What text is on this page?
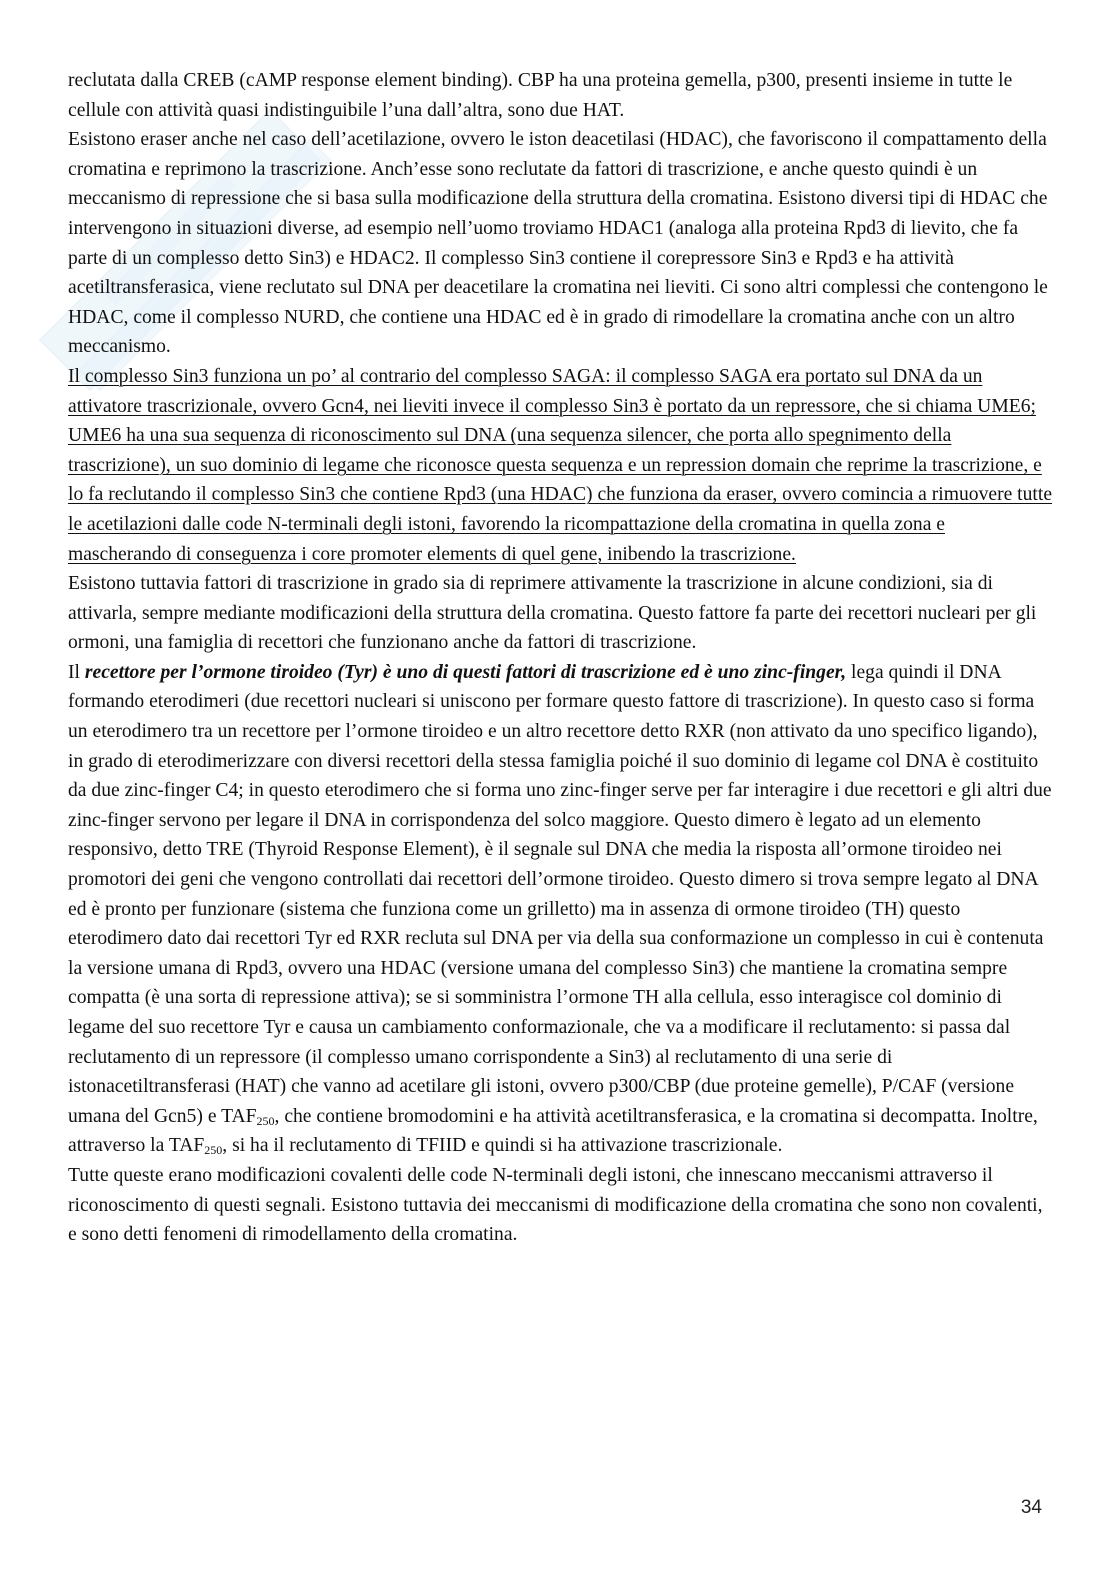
reclutata dalla CREB (cAMP response element binding). CBP ha una proteina gemella, p300, presenti insieme in tutte le cellule con attività quasi indistinguibile l’una dall’altra, sono due HAT.

Esistono eraser anche nel caso dell’acetilazione, ovvero le iston deacetilasi (HDAC), che favoriscono il compattamento della cromatina e reprimono la trascrizione. Anch’esse sono reclutate da fattori di trascrizione, e anche questo quindi è un meccanismo di repressione che si basa sulla modificazione della struttura della cromatina. Esistono diversi tipi di HDAC che intervengono in situazioni diverse, ad esempio nell’uomo troviamo HDAC1 (analoga alla proteina Rpd3 di lievito, che fa parte di un complesso detto Sin3) e HDAC2. Il complesso Sin3 contiene il corepressore Sin3 e Rpd3 e ha attività acetiltransferasica, viene reclutato sul DNA per deacetilare la cromatina nei lieviti. Ci sono altri complessi che contengono le HDAC, come il complesso NURD, che contiene una HDAC ed è in grado di rimodellare la cromatina anche con un altro meccanismo.

Il complesso Sin3 funziona un po’ al contrario del complesso SAGA: il complesso SAGA era portato sul DNA da un attivatore trascrizionale, ovvero Gcn4, nei lieviti invece il complesso Sin3 è portato da un repressore, che si chiama UME6; UME6 ha una sua sequenza di riconoscimento sul DNA (una sequenza silencer, che porta allo spegnimento della trascrizione), un suo dominio di legame che riconosce questa sequenza e un repression domain che reprime la trascrizione, e lo fa reclutando il complesso Sin3 che contiene Rpd3 (una HDAC) che funziona da eraser, ovvero comincia a rimuovere tutte le acetilazioni dalle code N-terminali degli istoni, favorendo la ricompattazione della cromatina in quella zona e mascherando di conseguenza i core promoter elements di quel gene, inibendo la trascrizione.

Esistono tuttavia fattori di trascrizione in grado sia di reprimere attivamente la trascrizione in alcune condizioni, sia di attivarla, sempre mediante modificazioni della struttura della cromatina. Questo fattore fa parte dei recettori nucleari per gli ormoni, una famiglia di recettori che funzionano anche da fattori di trascrizione.

Il recettore per l’ormone tiroideo (Tyr) è uno di questi fattori di trascrizione ed è uno zinc-finger, lega quindi il DNA formando eterodimeri (due recettori nucleari si uniscono per formare questo fattore di trascrizione). In questo caso si forma un eterodimero tra un recettore per l’ormone tiroideo e un altro recettore detto RXR (non attivato da uno specifico ligando), in grado di eterodimerizzare con diversi recettori della stessa famiglia poiché il suo dominio di legame col DNA è costituito da due zinc-finger C4; in questo eterodimero che si forma uno zinc-finger serve per far interagire i due recettori e gli altri due zinc-finger servono per legare il DNA in corrispondenza del solco maggiore. Questo dimero è legato ad un elemento responsivo, detto TRE (Thyroid Response Element), è il segnale sul DNA che media la risposta all’ormone tiroideo nei promotori dei geni che vengono controllati dai recettori dell’ormone tiroideo. Questo dimero si trova sempre legato al DNA ed è pronto per funzionare (sistema che funziona come un grilletto) ma in assenza di ormone tiroideo (TH) questo eterodimero dato dai recettori Tyr ed RXR recluta sul DNA per via della sua conformazione un complesso in cui è contenuta la versione umana di Rpd3, ovvero una HDAC (versione umana del complesso Sin3) che mantiene la cromatina sempre compatta (è una sorta di repressione attiva); se si somministra l’ormone TH alla cellula, esso interagisce col dominio di legame del suo recettore Tyr e causa un cambiamento conformazionale, che va a modificare il reclutamento: si passa dal reclutamento di un repressore (il complesso umano corrispondente a Sin3) al reclutamento di una serie di istonacetiltransferasi (HAT) che vanno ad acetilare gli istoni, ovvero p300/CBP (due proteine gemelle), P/CAF (versione umana del Gcn5) e $TAF_{250}$, che contiene bromodomini e ha attività acetiltransferasica, e la cromatina si decompatta. Inoltre, attraverso la $TAF_{250}$, si ha il reclutamento di TFIID e quindi si ha attivazione trascrizionale.

Tutte queste erano modificazioni covalenti delle code N-terminali degli istoni, che innescano meccanismi attraverso il riconoscimento di questi segnali. Esistono tuttavia dei meccanismi di modificazione della cromatina che sono non covalenti, e sono detti fenomeni di rimodellamento della cromatina.

34
